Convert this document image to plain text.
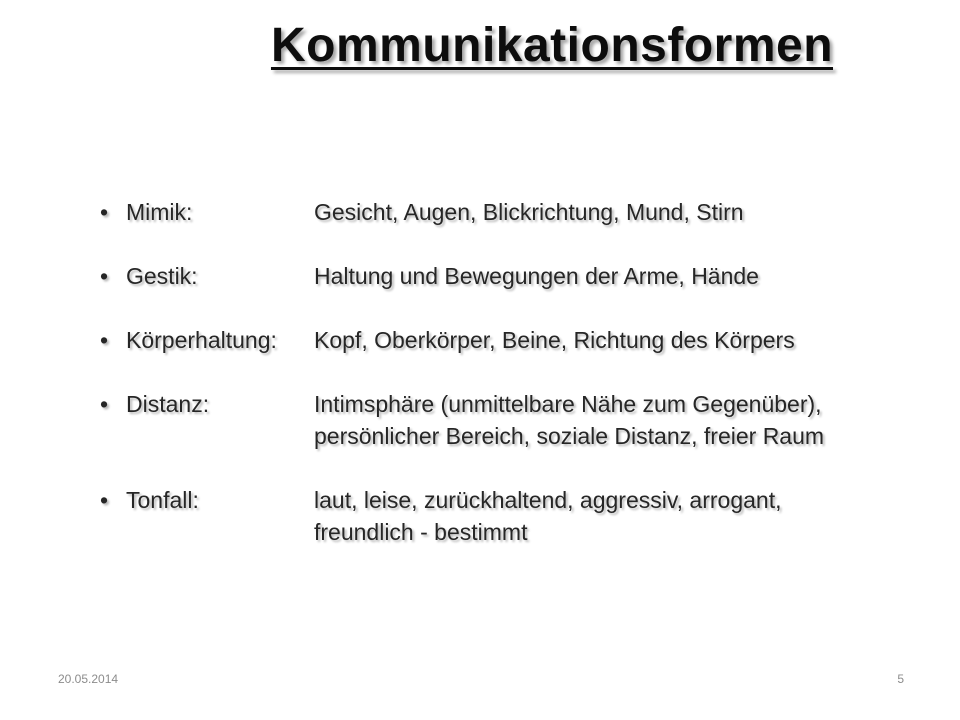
Kommunikationsformen
• Mimik:	Gesicht, Augen, Blickrichtung, Mund, Stirn
• Gestik:	Haltung und Bewegungen der Arme, Hände
• Körperhaltung:	Kopf, Oberkörper, Beine, Richtung des Körpers
• Distanz:	Intimsphäre (unmittelbare Nähe zum Gegenüber),
persönlicher Bereich, soziale Distanz, freier Raum
• Tonfall:	laut, leise, zurückhaltend, aggressiv, arrogant,
freundlich - bestimmt
20.05.2014	5
